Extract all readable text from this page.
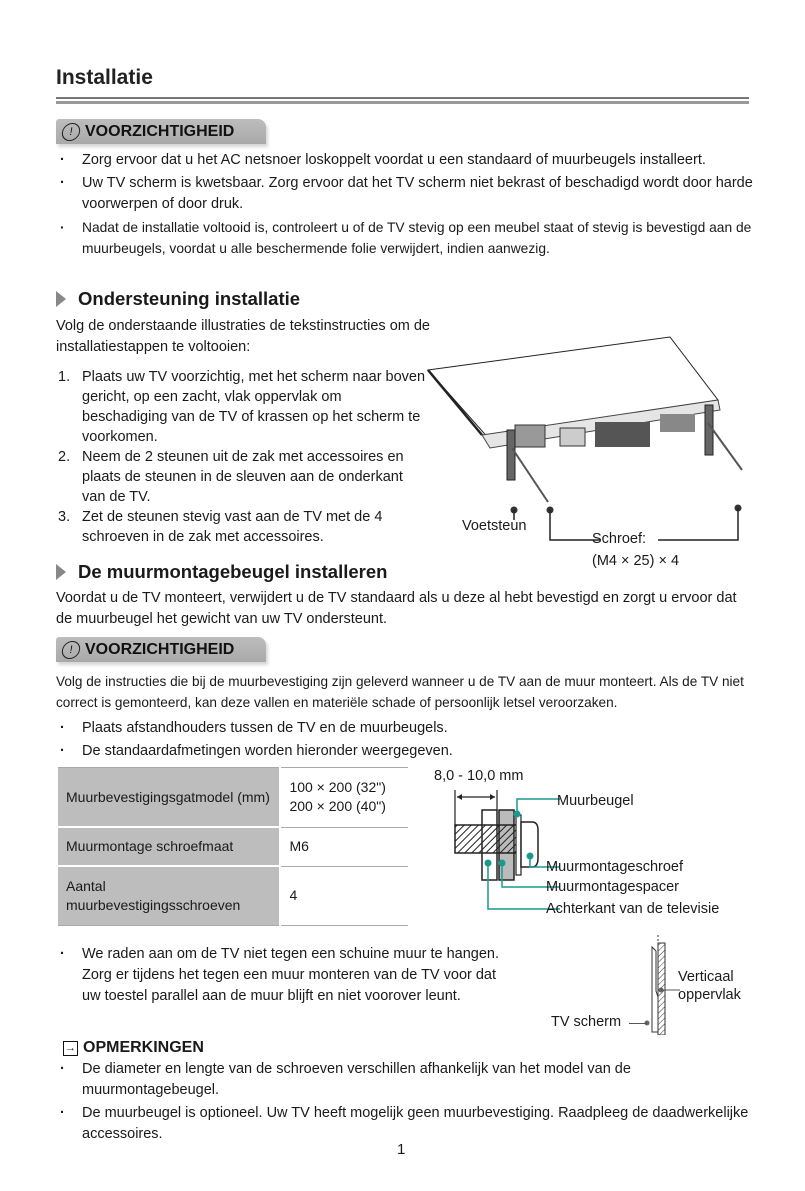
Installatie
! VOORZICHTIGHEID
· Zorg ervoor dat u het AC netsnoer loskoppelt voordat u een standaard of muurbeugels installeert.
· Uw TV scherm is kwetsbaar. Zorg ervoor dat het TV scherm niet bekrast of beschadigd wordt door harde voorwerpen of door druk.
· Nadat de installatie voltooid is, controleert u of de TV stevig op een meubel staat of stevig is bevestigd aan de muurbeugels, voordat u alle beschermende folie verwijdert, indien aanwezig.
Ondersteuning installatie
Volg de onderstaande illustraties de tekstinstructies om de installatiestappen te voltooien:
1. Plaats uw TV voorzichtig, met het scherm naar boven gericht, op een zacht, vlak oppervlak om beschadiging van de TV of krassen op het scherm te voorkomen.
2. Neem de 2 steunen uit de zak met accessoires en plaats de steunen in de sleuven aan de onderkant van de TV.
3. Zet de steunen stevig vast aan de TV met de 4 schroeven in de zak met accessoires.
Voetsteun
Schroef:
(M4 × 25) × 4
De muurmontagebeugel installeren
Voordat u de TV monteert, verwijdert u de TV standaard als u deze al hebt bevestigd en zorgt u ervoor dat de muurbeugel het gewicht van uw TV ondersteunt.
! VOORZICHTIGHEID
Volg de instructies die bij de muurbevestiging zijn geleverd wanneer u de TV aan de muur monteert. Als de TV niet correct is gemonteerd, kan deze vallen en materiële schade of persoonlijk letsel veroorzaken.
· Plaats afstandhouders tussen de TV en de muurbeugels.
· De standaardafmetingen worden hieronder weergegeven.
Muurbevestigingsgatmodel (mm)	100 × 200 (32")
200 × 200 (40")
Muurmontage schroefmaat	M6
Aantal muurbevestigingsschroeven	4
8,0 - 10,0 mm
Muurbeugel
Muurmontageschroef
Muurmontagespacer
Achterkant van de televisie
· We raden aan om de TV niet tegen een schuine muur te hangen. Zorg er tijdens het tegen een muur monteren van de TV voor dat uw toestel parallel aan de muur blijft en niet voorover leunt.
Verticaal
oppervlak
TV scherm
→ OPMERKINGEN
· De diameter en lengte van de schroeven verschillen afhankelijk van het model van de muurmontagebeugel.
· De muurbeugel is optioneel. Uw TV heeft mogelijk geen muurbevestiging. Raadpleeg de daadwerkelijke accessoires.
1
